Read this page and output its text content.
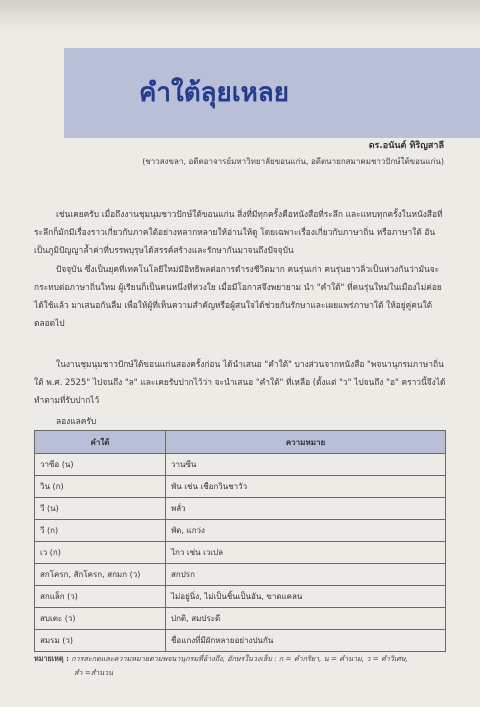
คำใต้ลุยเหลย
ดร.อนันต์ ทิริญสาลี
(ชาวสงขลา, อดีตอาจารย์มหาวิทยาลัยขอนแก่น, อดีตนายกสมาคมชาวปักษ์ใต้ขอนแก่น)

เช่นเคยครับ เมื่อถึงงานชุมนุมชาวปักษ์ใต้ขอนแก่น สิ่งที่มีทุกครั้งคือหนังสือที่ระลึก และแทบทุกครั้งในหนังสือที่ระลึกก็มักมีเรื่องราวเกี่ยวกับภาคใต้อย่างหลากหลายให้อ่านให้ดู โดยเฉพาะเรื่องเกี่ยวกับภาษาถิ่น หรือภาษาใต้ อันเป็นภูมิปัญญาล้ำค่าที่บรรพบุรุษได้สรรค์สร้างและรักษากันมาจนถึงปัจจุบัน

ปัจจุบัน ซึ่งเป็นยุคที่เทคโนโลยีใหม่มีอิทธิพลต่อการดำรงชีวิตมาก คนรุ่นเก่า คนรุ่นยาวลิ่วเป็นห่วงกันว่ามันจะกระทบต่อภาษาถิ่นใหม ผู้เรียนก็เป็นคนหนึ่งที่ห่วงใย เมื่อมีโอกาสจึงพยายาม นำ "คำใต้" ที่คนรุ่นใหม่ในเมืองไม่ค่อยได้ใช้แล้ว มาเสนอกันลืม เพื่อให้ผู้ที่เห็นความสำคัญหรือผู้สนใจได้ช่วยกันรักษาและเผยแพร่ภาษาใต้ ให้อยู่คู่คนใต้ตลอดไป

ในงานชุมนุมชาวปักษ์ใต้ขอนแก่นสองครั้งก่อน ได้นำเสนอ "คำใต้" บางส่วนจากหนังสือ "พจนานุกรมภาษาถิ่นใต้ พ.ศ. 2525" ไปจนถึง "ล" และเคยรับปากไว้ว่า จะนำเสนอ "คำใต้" ที่เหลือ (ตั้งแต่ "ว" ไปจนถึง "อ" คราวนี้จึงได้ทำตามที่รับปากไว้

ลองแลครับ
คำใต้	ความหมาย
วาซีอ (น)	วานซีน
วิน (ก)	พัน เช่น เชือกวินชาวัว
วี (น)	พลั่ว
วี (ก)	พัด, แกว่ง
เว (ก)	ไกว เช่น เวเปล
สกโครก, สักโครก, สกมก (ว)	สกปรก
สกแล็ก (ว)	ไม่อยู่นิ่ง, ไม่เป็นชิ้นเป็นอัน, ขาดแคลน
สบเตะ (ว)	ปกติ, สมประดี
สมรม (ว)	ชื่อแกงที่มีผักหลายอย่างปนกัน
หมายเหตุ : การสะกดและความหมายตามพจนานุกรมที่อ้างถึง, อักษรในวงเล็บ : ก = คำกริยา, น = คำนาม, ว = คำวิเศษ,
สำ =สำนวน
